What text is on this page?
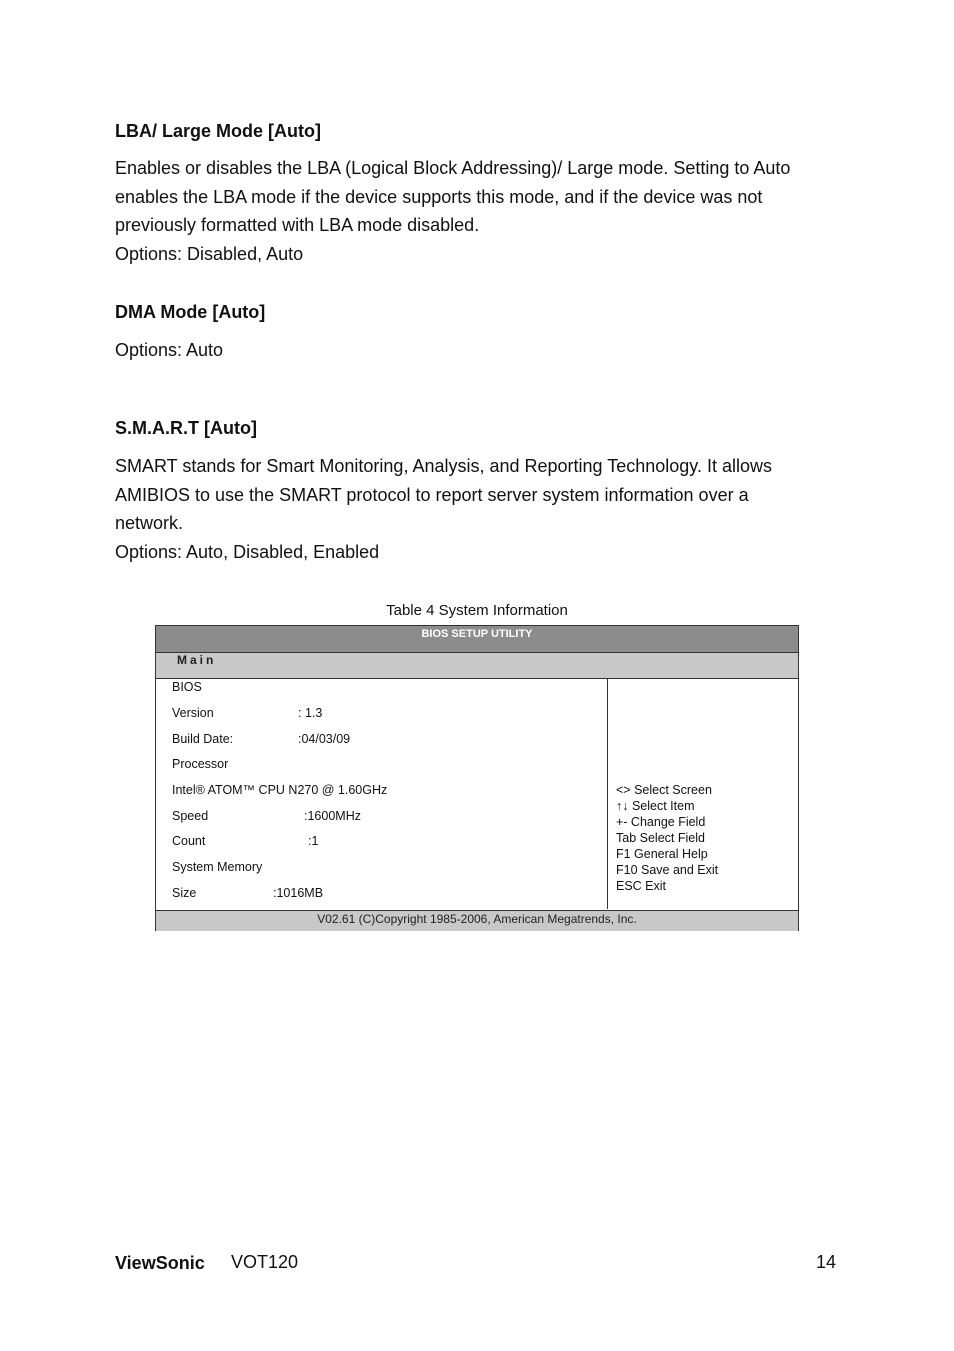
LBA/ Large Mode [Auto]

Enables or disables the LBA (Logical Block Addressing)/ Large mode. Setting to Auto

enables the LBA mode if the device supports this mode, and if the device was not

previously formatted with LBA mode disabled.

Options: Disabled, Auto

DMA Mode [Auto]

Options: Auto

S.M.A.R.T [Auto]

SMART stands for Smart Monitoring, Analysis, and Reporting Technology. It allows

AMIBIOS to use the SMART protocol to report server system information over a

network.

Options: Auto, Disabled, Enabled

Table 4 System Information
BIOS SETUP UTILITY
Main
BIOS
Version	: 1.3
Build Date:	:04/03/09
Processor
Intel® ATOM™ CPU N270 @ 1.60GHz
Speed	:1600MHz
Count	:1
System Memory
Size	:1016MB
<> Select Screen
↑↓ Select Item
+- Change Field
Tab Select Field
F1 General Help
F10 Save and Exit
ESC Exit
V02.61 (C)Copyright 1985-2006, American Megatrends, Inc.
ViewSonic VOT120	14
